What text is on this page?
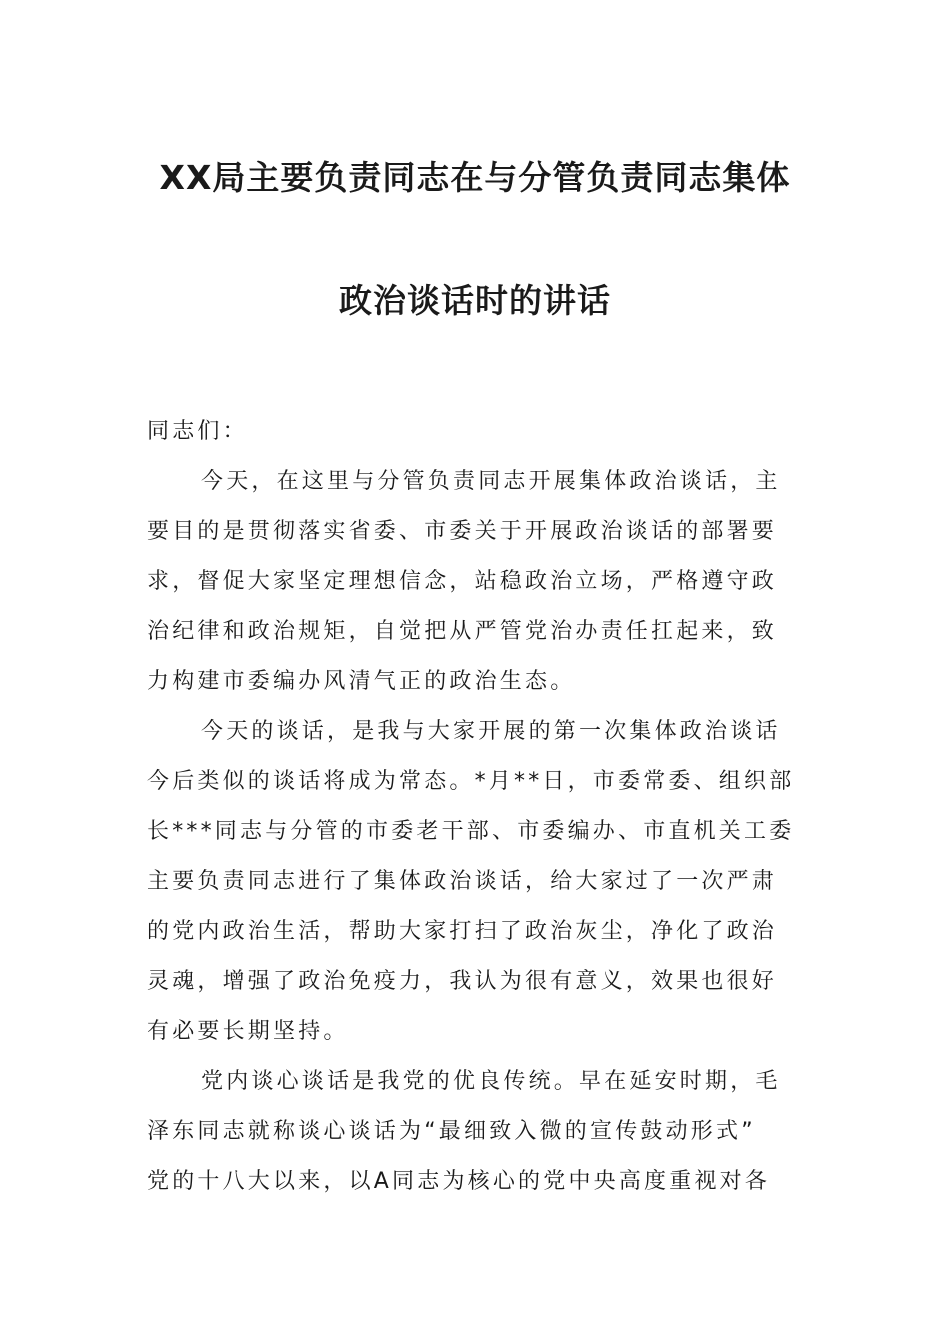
XX局主要负责同志在与分管负责同志集体
政治谈话时的讲话
同志们：
今天，在这里与分管负责同志开展集体政治谈话，主
要目的是贯彻落实省委、市委关于开展政治谈话的部署要
求，督促大家坚定理想信念，站稳政治立场，严格遵守政
治纪律和政治规矩，自觉把从严管党治办责任扛起来，致
力构建市委编办风清气正的政治生态。
今天的谈话，是我与大家开展的第一次集体政治谈话
今后类似的谈话将成为常态。*月**日，市委常委、组织部
长***同志与分管的市委老干部、市委编办、市直机关工委
主要负责同志进行了集体政治谈话，给大家过了一次严肃
的党内政治生活，帮助大家打扫了政治灰尘，净化了政治
灵魂，增强了政治免疫力，我认为很有意义，效果也很好
有必要长期坚持。
党内谈心谈话是我党的优良传统。早在延安时期，毛
泽东同志就称谈心谈话为“最细致入微的宣传鼓动形式”
党的十八大以来，以A同志为核心的党中央高度重视对各
